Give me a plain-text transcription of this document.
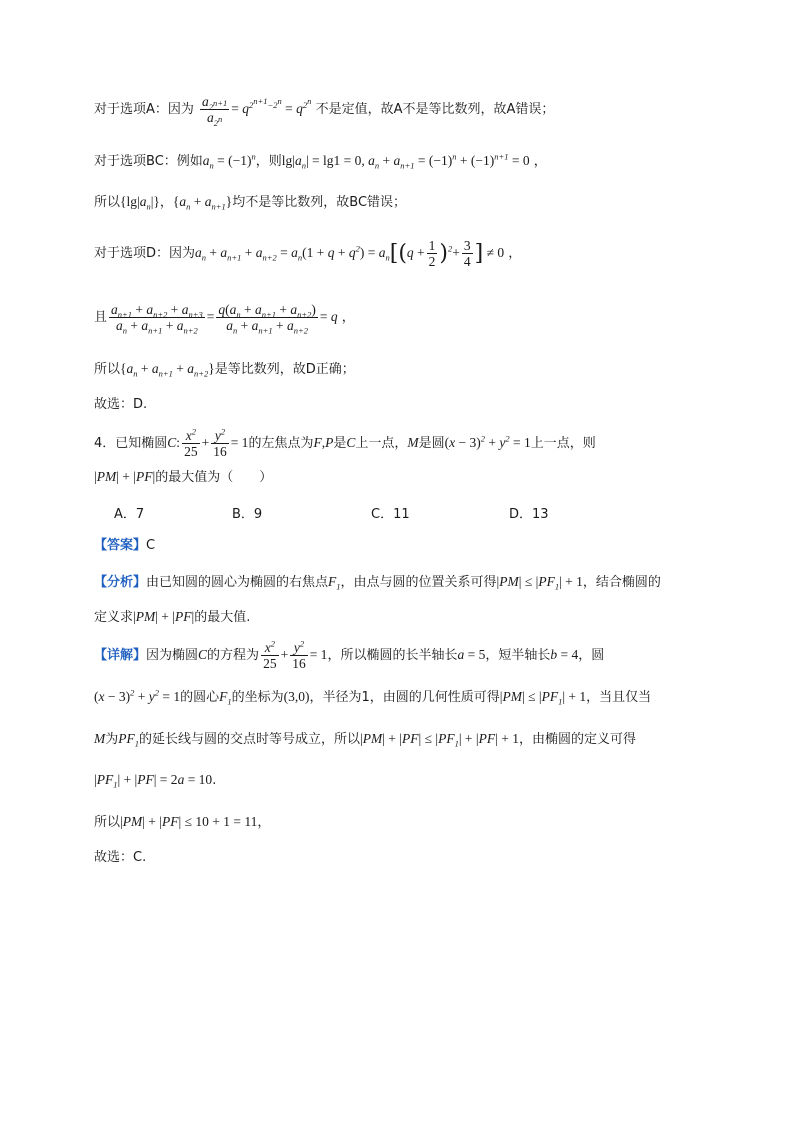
对于选项A：因为 $\frac{a_{2^{n+1}}}{a_{2^n}} = q^{2^{n+1}-2^n} = q^{2^n}$ 不是定值，故A不是等比数列，故A错误；
对于选项BC：例如$a_n = (-1)^n$，则$\lg|a_n| = \lg 1 = 0$, $a_n + a_{n+1} = (-1)^n + (-1)^{n+1} = 0$ ，
所以$\{\lg|a_n|\}$，$\{a_n + a_{n+1}\}$均不是等比数列，故BC错误；
对于选项D：因为$a_n + a_{n+1} + a_{n+2} = a_n(1 + q + q^2) = a_n[(q + \frac{1}{2} )^2+ \frac{3}{4}$ ] ≠ 0 ，
且 $\frac{a_{n+1} + a_{n+2} + a_{n+3}}{a_n + a_{n+1} + a_{n+2}} = \frac{q(a_n + a_{n+1} + a_{n+2})}{a_n + a_{n+1} + a_{n+2}} = q$ ，
所以$\{a_n + a_{n+1} + a_{n+2}\}$是等比数列，故D正确；
故选：D.
4．已知椭圆C: $\frac{x^2}{25} + \frac{y^2}{16} = 1$的左焦点为F,P是C上一点，M是圆$(x - 3)^2 + y^2 = 1$上一点，则
|PM| + |PF|的最大值为（　　）
A．7	B．9	C．11	D．13
【答案】C
【分析】由已知圆的圆心为椭圆的右焦点$F_1$，由点与圆的位置关系可得$|PM| \le |PF_1| + 1$，结合椭圆的
定义求|PM| + |PF|的最大值.
【详解】因为椭圆C的方程为 $\frac{x^2}{25} + \frac{y^2}{16} = 1$，所以椭圆的长半轴长a = 5，短半轴长b = 4，圆
$(x - 3)^2 + y^2 = 1$的圆心$F_1$的坐标为(3,0)，半径为1，由圆的几何性质可得$|PM| \le |PF_1| + 1$，当且仅当
M为$PF_1$的延长线与圆的交点时等号成立，所以$|PM| + |PF| \le |PF_1| + |PF| + 1$，由椭圆的定义可得
$|PF_1| + |PF| = 2a = 10$.
所以|PM| + |PF| ≤ 10 + 1 = 11，
故选：C.
